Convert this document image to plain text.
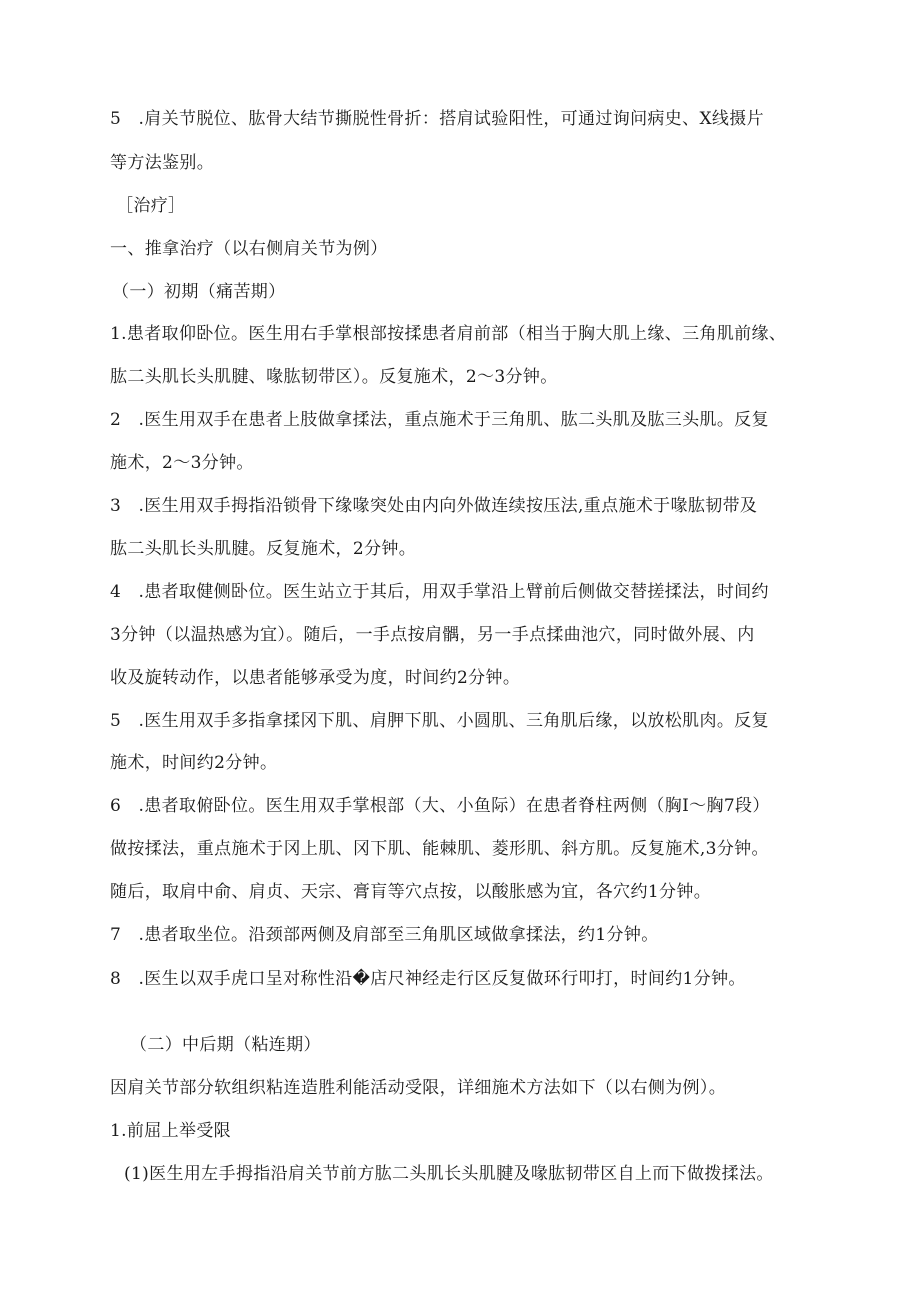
5　.肩关节脱位、肱骨大结节撕脱性骨折：搭肩试验阳性，可通过询问病史、X线摄片
等方法鉴别。
［治疗］
一、推拿治疗（以右侧肩关节为例）
（一）初期（痛苦期）
1.患者取仰卧位。医生用右手掌根部按揉患者肩前部（相当于胸大肌上缘、三角肌前缘、
肱二头肌长头肌腱、喙肱韧带区）。反复施术，2～3分钟。
2　.医生用双手在患者上肢做拿揉法，重点施术于三角肌、肱二头肌及肱三头肌。反复
施术，2～3分钟。
3　.医生用双手拇指沿锁骨下缘喙突处由内向外做连续按压法,重点施术于喙肱韧带及
肱二头肌长头肌腱。反复施术，2分钟。
4　.患者取健侧卧位。医生站立于其后，用双手掌沿上臂前后侧做交替搓揉法，时间约
3分钟（以温热感为宜）。随后，一手点按肩髃，另一手点揉曲池穴，同时做外展、内
收及旋转动作，以患者能够承受为度，时间约2分钟。
5　.医生用双手多指拿揉冈下肌、肩胛下肌、小圆肌、三角肌后缘，以放松肌肉。反复
施术，时间约2分钟。
6　.患者取俯卧位。医生用双手掌根部（大、小鱼际）在患者脊柱两侧（胸I～胸7段）
做按揉法，重点施术于冈上肌、冈下肌、能棘肌、菱形肌、斜方肌。反复施术,3分钟。
随后，取肩中俞、肩贞、天宗、膏肓等穴点按，以酸胀感为宜，各穴约1分钟。
7　.患者取坐位。沿颈部两侧及肩部至三角肌区域做拿揉法，约1分钟。
8　.医生以双手虎口呈对称性沿�店尺神经走行区反复做环行叩打，时间约1分钟。
（二）中后期（粘连期）
因肩关节部分软组织粘连造胜利能活动受限，详细施术方法如下（以右侧为例）。
1.前屈上举受限
(1)医生用左手拇指沿肩关节前方肱二头肌长头肌腱及喙肱韧带区自上而下做拨揉法。
